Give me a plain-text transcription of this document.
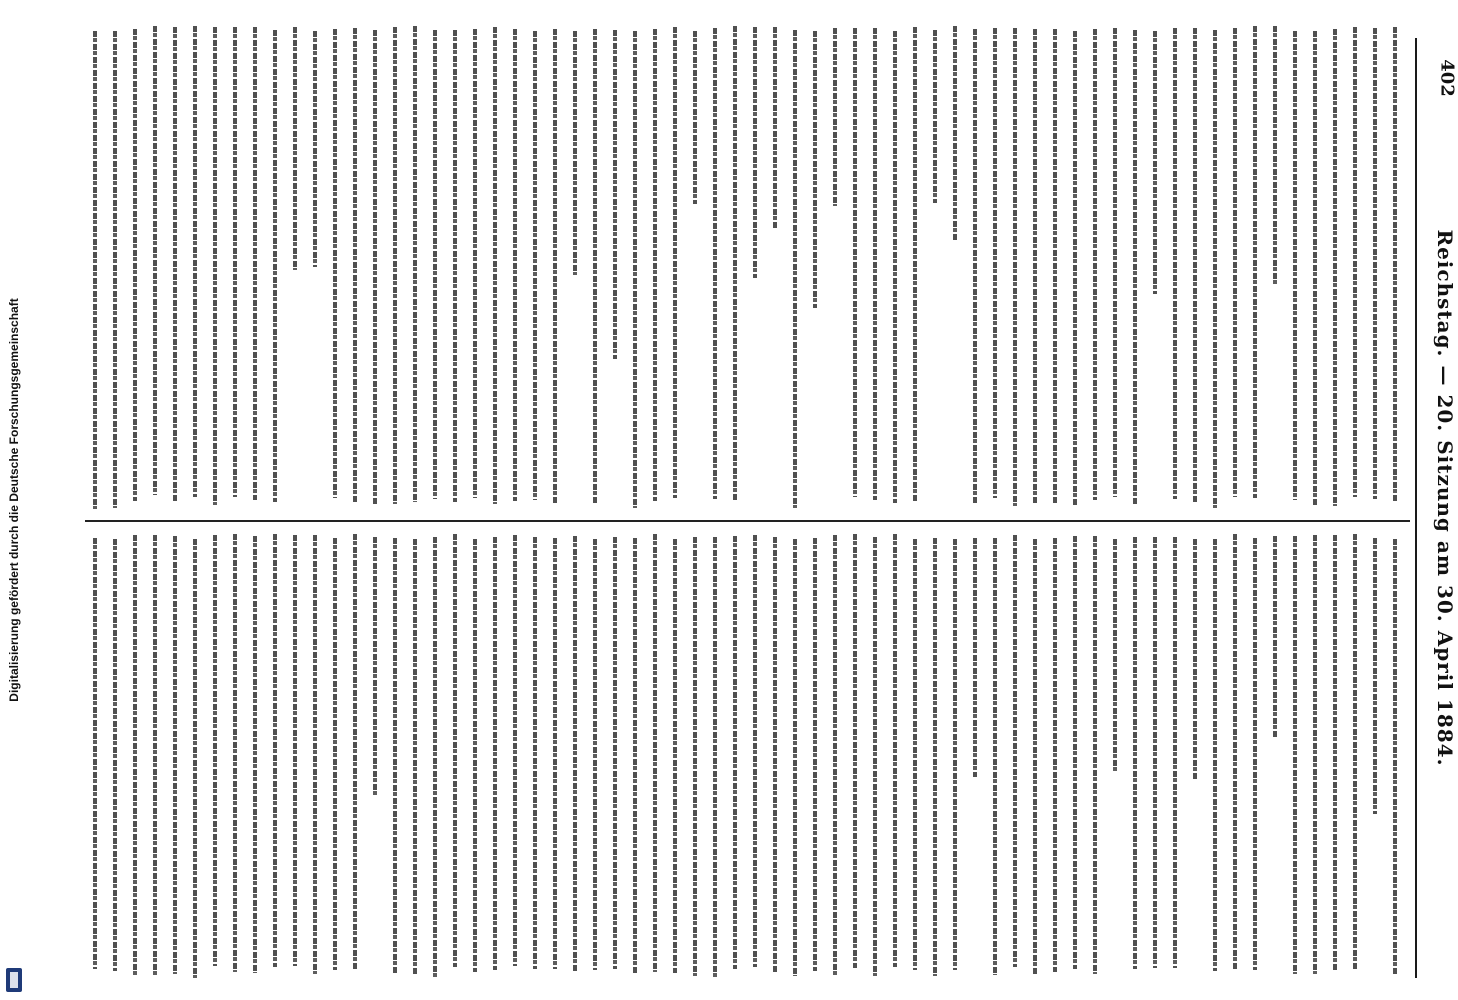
Digitalisierung gefördert durch die Deutsche Forschungsgemeinschaft
402
Reichstag. — 20. Sitzung am 30. April 1884.
